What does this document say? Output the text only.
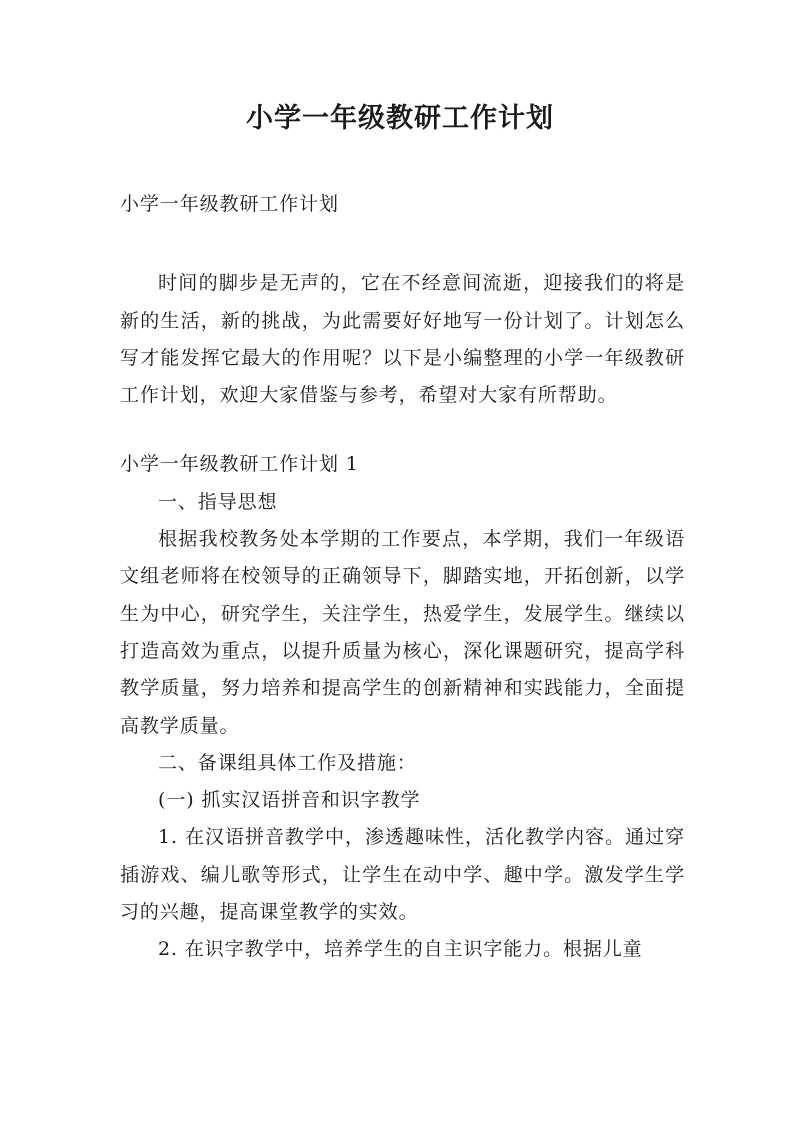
小学一年级教研工作计划

小学一年级教研工作计划

时间的脚步是无声的，它在不经意间流逝，迎接我们的将是新的生活，新的挑战，为此需要好好地写一份计划了。计划怎么写才能发挥它最大的作用呢？以下是小编整理的小学一年级教研工作计划，欢迎大家借鉴与参考，希望对大家有所帮助。

小学一年级教研工作计划 1

一、指导思想

根据我校教务处本学期的工作要点，本学期，我们一年级语文组老师将在校领导的正确领导下，脚踏实地，开拓创新，以学生为中心，研究学生，关注学生，热爱学生，发展学生。继续以打造高效为重点，以提升质量为核心，深化课题研究，提高学科教学质量，努力培养和提高学生的创新精神和实践能力，全面提高教学质量。

二、备课组具体工作及措施：

(一) 抓实汉语拼音和识字教学

1. 在汉语拼音教学中，渗透趣味性，活化教学内容。通过穿插游戏、编儿歌等形式，让学生在动中学、趣中学。激发学生学习的兴趣，提高课堂教学的实效。

2. 在识字教学中，培养学生的自主识字能力。根据儿童
